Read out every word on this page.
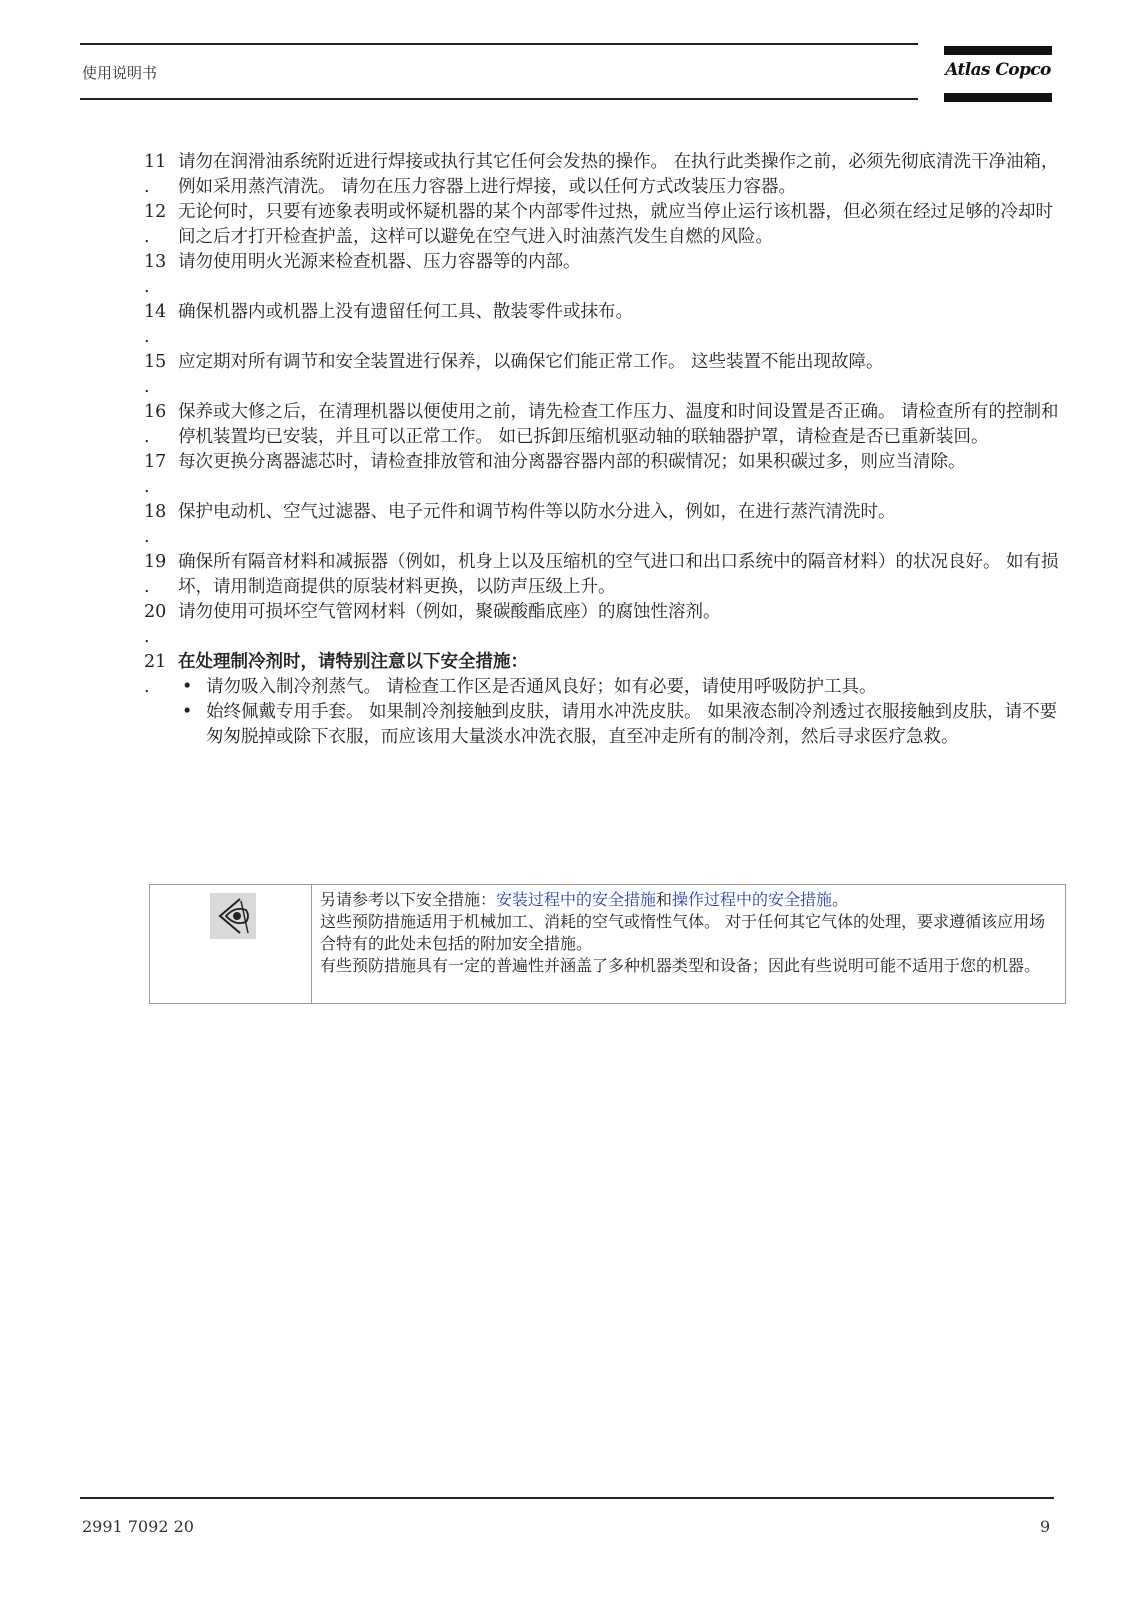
使用说明书	Atlas Copco
11
.
请勿在润滑油系统附近进行焊接或执行其它任何会发热的操作。 在执行此类操作之前，必须先彻底清洗干净油箱，例如采用蒸汽清洗。 请勿在压力容器上进行焊接，或以任何方式改装压力容器。
12
.
无论何时，只要有迹象表明或怀疑机器的某个内部零件过热，就应当停止运行该机器，但必须在经过足够的冷却时间之后才打开检查护盖，这样可以避免在空气进入时油蒸汽发生自燃的风险。
13
.
请勿使用明火光源来检查机器、压力容器等的内部。
14
.
确保机器内或机器上没有遗留任何工具、散装零件或抹布。
15
.
应定期对所有调节和安全装置进行保养，以确保它们能正常工作。 这些装置不能出现故障。
16
.
保养或大修之后，在清理机器以便使用之前，请先检查工作压力、温度和时间设置是否正确。 请检查所有的控制和停机装置均已安装，并且可以正常工作。 如已拆卸压缩机驱动轴的联轴器护罩，请检查是否已重新装回。
17
.
每次更换分离器滤芯时，请检查排放管和油分离器容器内部的积碳情况；如果积碳过多，则应当清除。
18
.
保护电动机、空气过滤器、电子元件和调节构件等以防水分进入，例如，在进行蒸汽清洗时。
19
.
确保所有隔音材料和减振器（例如，机身上以及压缩机的空气进口和出口系统中的隔音材料）的状况良好。 如有损坏，请用制造商提供的原装材料更换，以防声压级上升。
20
.
请勿使用可损坏空气管网材料（例如，聚碳酸酯底座）的腐蚀性溶剂。
21
.
在处理制冷剂时，请特别注意以下安全措施：
• 请勿吸入制冷剂蒸气。 请检查工作区是否通风良好；如有必要，请使用呼吸防护工具。
• 始终佩戴专用手套。 如果制冷剂接触到皮肤，请用水冲洗皮肤。 如果液态制冷剂透过衣服接触到皮肤，请不要匆匆脱掉或除下衣服，而应该用大量淡水冲洗衣服，直至冲走所有的制冷剂，然后寻求医疗急救。
另请参考以下安全措施：安装过程中的安全措施和操作过程中的安全措施。
这些预防措施适用于机械加工、消耗的空气或惰性气体。 对于任何其它气体的处理，要求遵循该应用场合特有的此处未包括的附加安全措施。
有些预防措施具有一定的普遍性并涵盖了多种机器类型和设备；因此有些说明可能不适用于您的机器。
2991 7092 20	9
